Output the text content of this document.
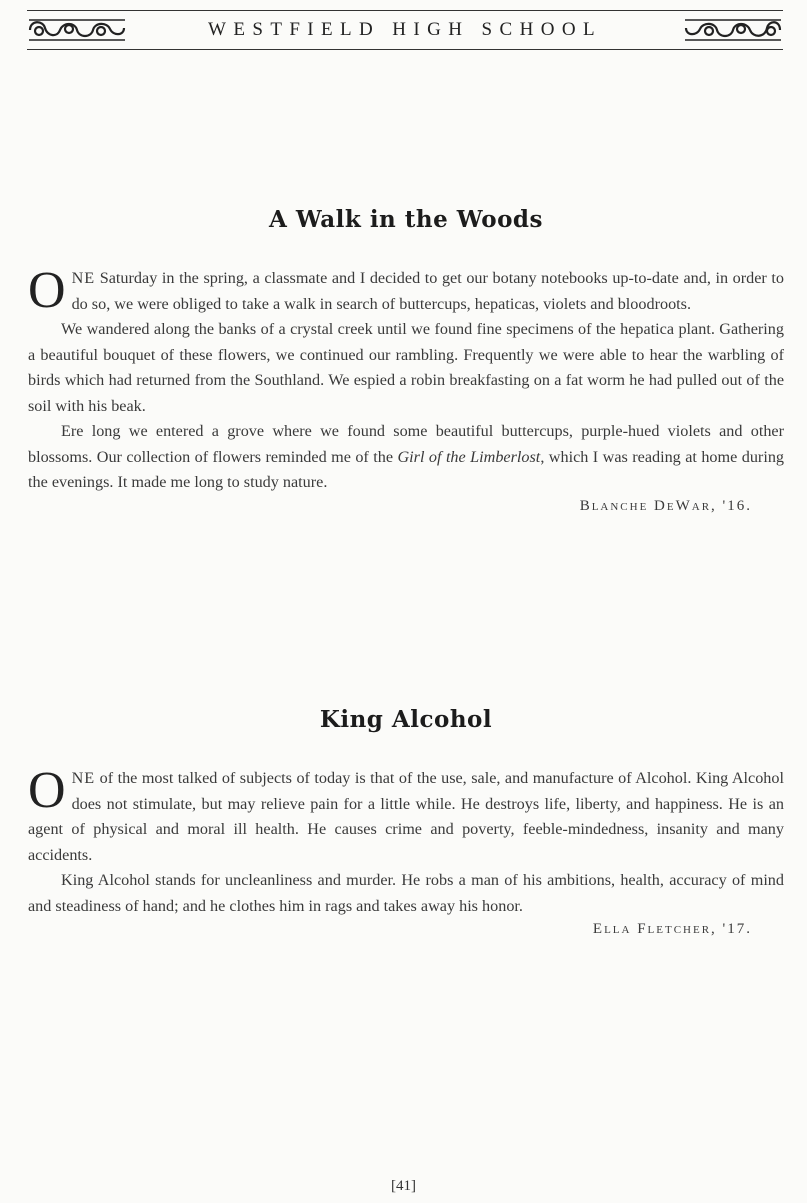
WESTFIELD HIGH SCHOOL
A Walk in the Woods

ONE Saturday in the spring, a classmate and I decided to get our botany notebooks up-to-date and, in order to do so, we were obliged to take a walk in search of buttercups, hepaticas, violets and bloodroots.

We wandered along the banks of a crystal creek until we found fine specimens of the hepatica plant. Gathering a beautiful bouquet of these flowers, we continued our rambling. Frequently we were able to hear the warbling of birds which had returned from the Southland. We espied a robin breakfasting on a fat worm he had pulled out of the soil with his beak.

Ere long we entered a grove where we found some beautiful buttercups, purple-hued violets and other blossoms. Our collection of flowers reminded me of the Girl of the Limberlost, which I was reading at home during the evenings. It made me long to study nature.

Blanche DeWar, '16.
King Alcohol

ONE of the most talked of subjects of today is that of the use, sale, and manufacture of Alcohol. King Alcohol does not stimulate, but may relieve pain for a little while. He destroys life, liberty, and happiness. He is an agent of physical and moral ill health. He causes crime and poverty, feeble-mindedness, insanity and many accidents.

King Alcohol stands for uncleanliness and murder. He robs a man of his ambitions, health, accuracy of mind and steadiness of hand; and he clothes him in rags and takes away his honor.

Ella Fletcher, '17.
[41]
